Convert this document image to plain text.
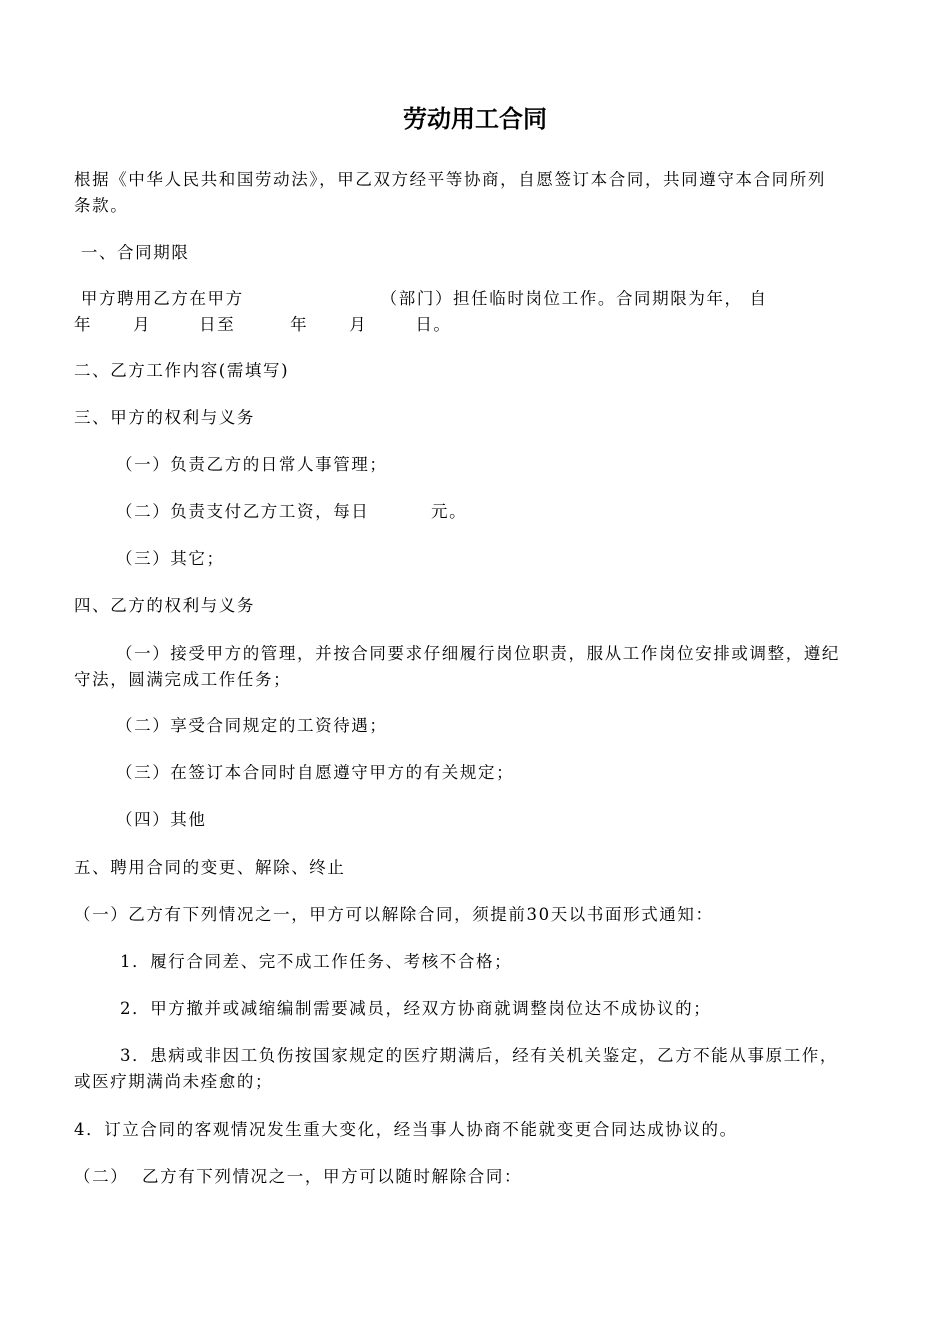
劳动用工合同
根据《中华人民共和国劳动法》，甲乙双方经平等协商，自愿签订本合同，共同遵守本合同所列
条款。
一、合同期限
甲方聘用乙方在甲方                    （部门）担任临时岗位工作。合同期限为年， 自
年      月       日至        年      月       日。
二、乙方工作内容(需填写)
三、甲方的权利与义务
（一）负责乙方的日常人事管理；
（二）负责支付乙方工资，每日         元。
（三）其它；
四、乙方的权利与义务
（一）接受甲方的管理，并按合同要求仔细履行岗位职责，服从工作岗位安排或调整，遵纪
守法，圆满完成工作任务；
（二）享受合同规定的工资待遇；
（三）在签订本合同时自愿遵守甲方的有关规定；
（四）其他
五、聘用合同的变更、解除、终止
（一）乙方有下列情况之一，甲方可以解除合同，须提前30天以书面形式通知：
1．履行合同差、完不成工作任务、考核不合格；
2．甲方撤并或减缩编制需要减员，经双方协商就调整岗位达不成协议的；
3．患病或非因工负伤按国家规定的医疗期满后，经有关机关鉴定，乙方不能从事原工作，
或医疗期满尚未痊愈的；
4．订立合同的客观情况发生重大变化，经当事人协商不能就变更合同达成协议的。
（二）  乙方有下列情况之一，甲方可以随时解除合同：
